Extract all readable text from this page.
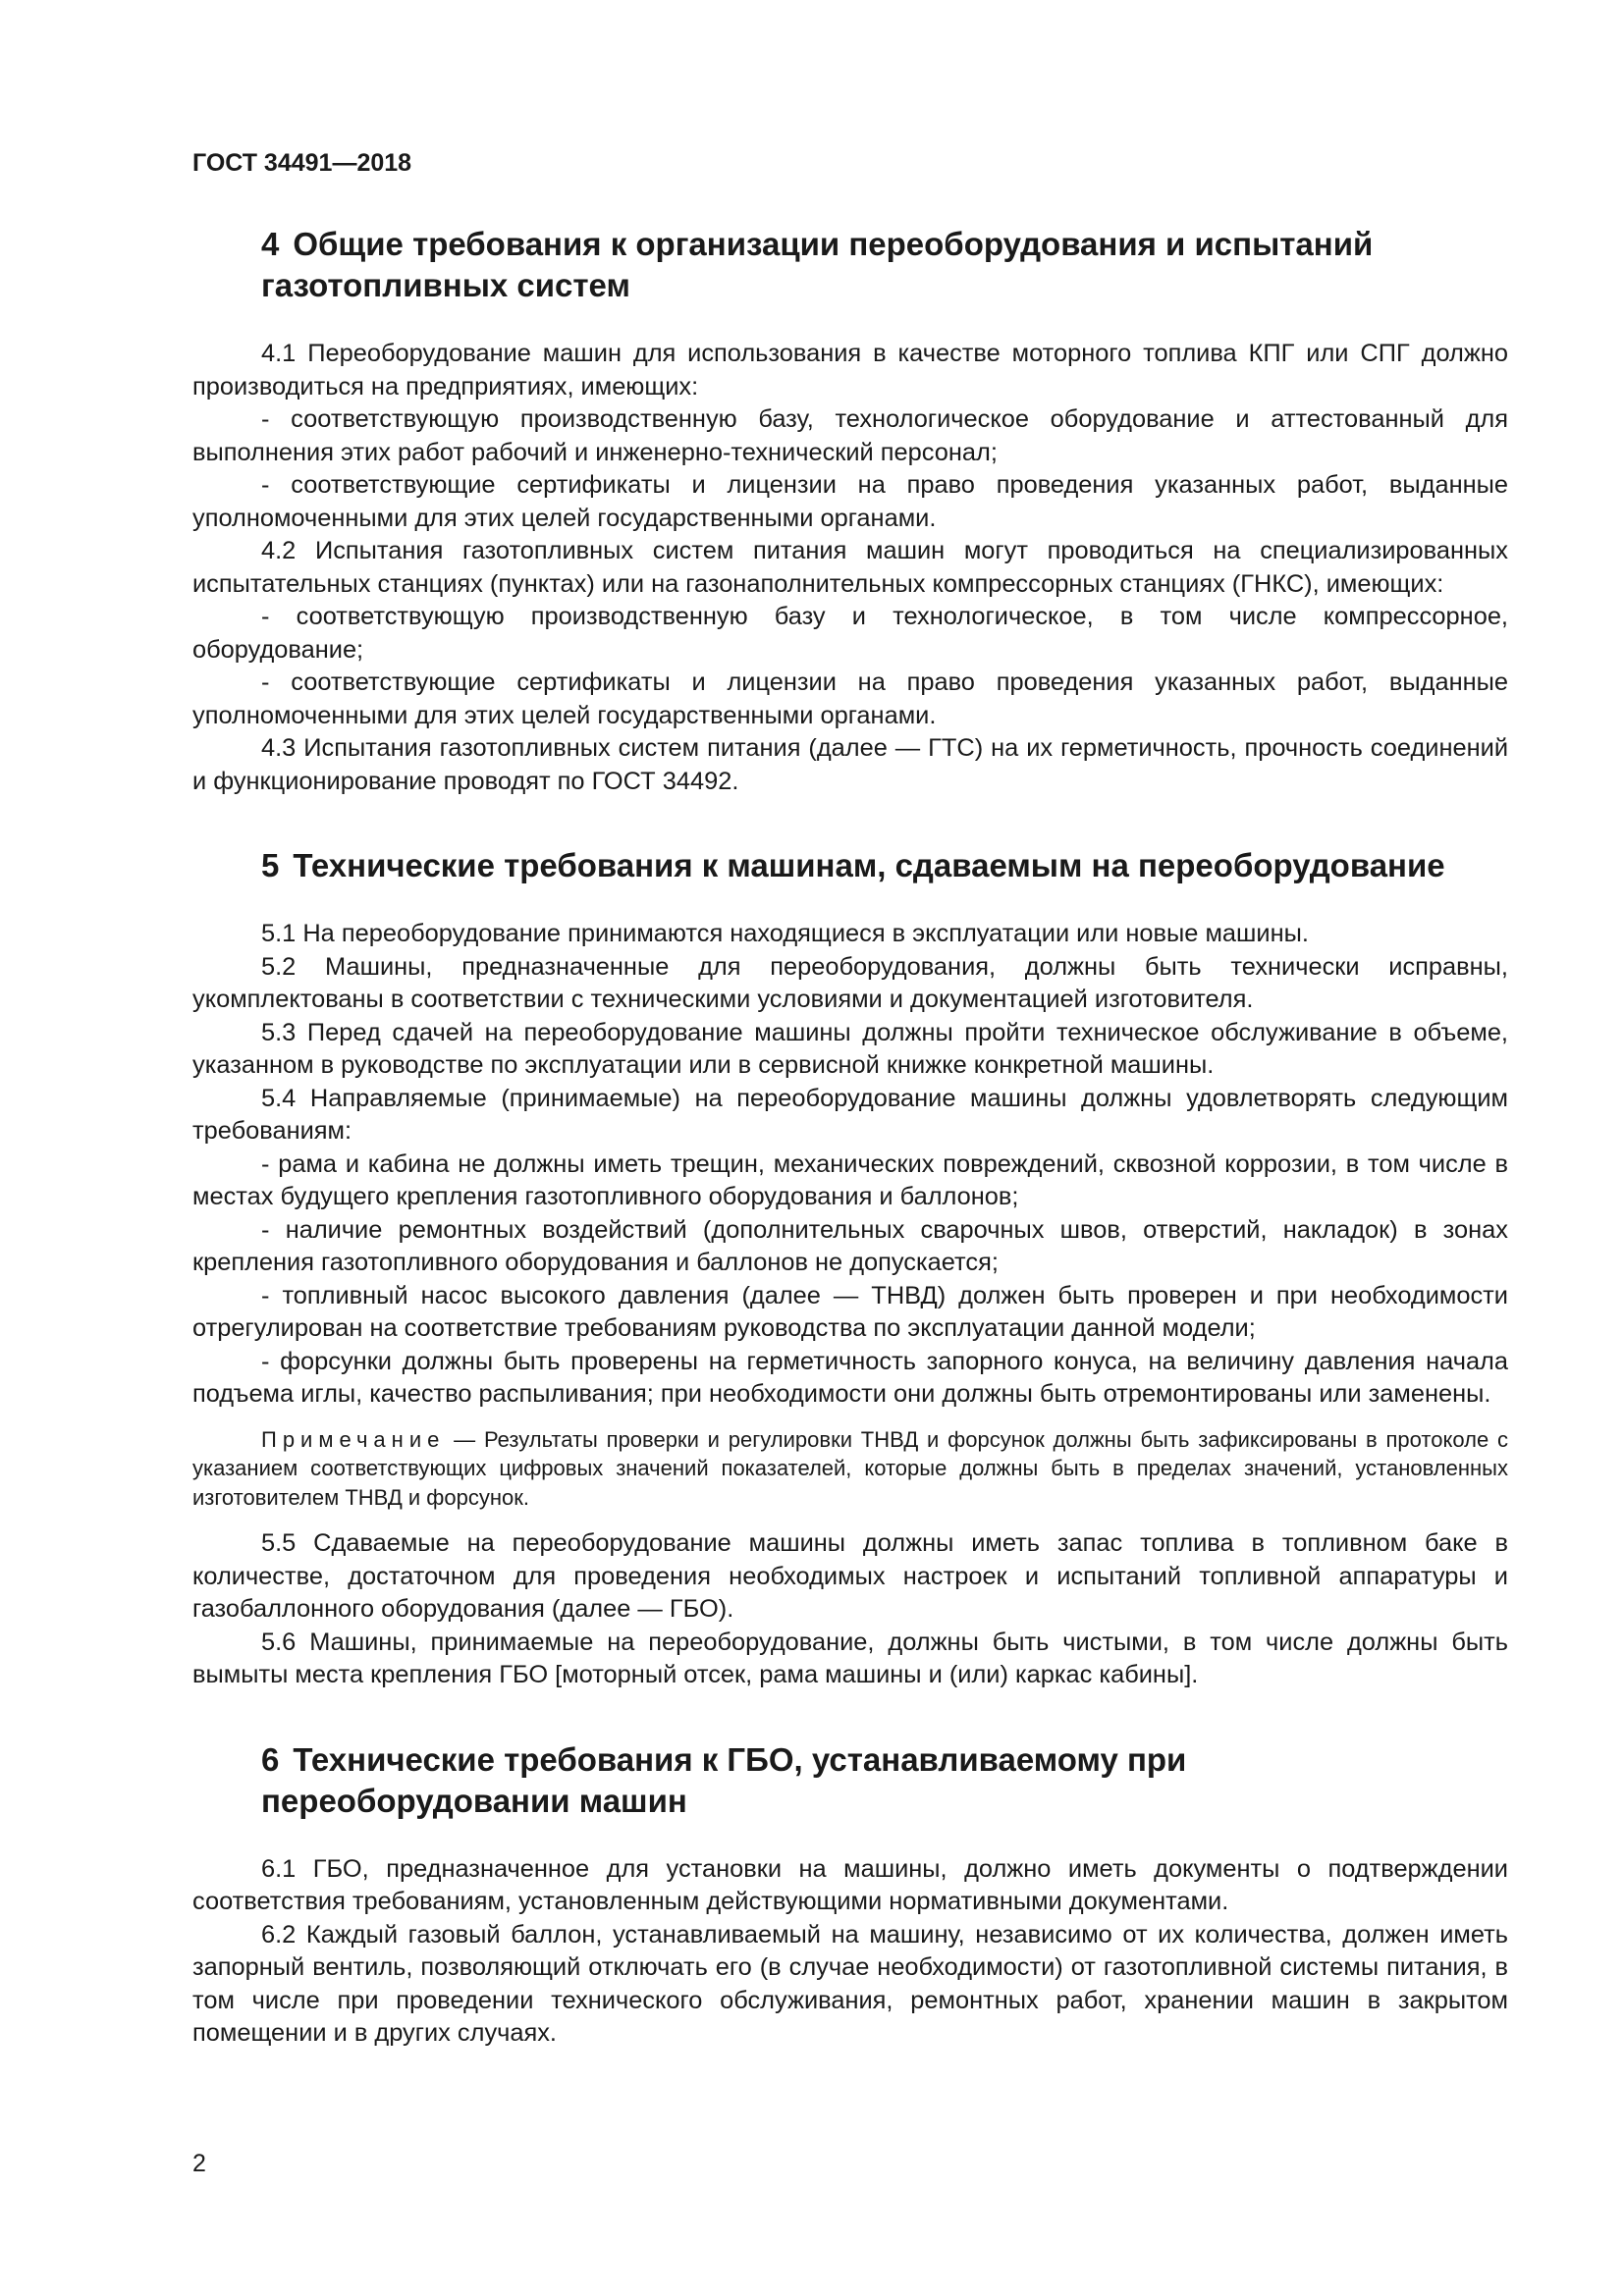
ГОСТ 34491—2018
4 Общие требования к организации переоборудования и испытаний газотопливных систем

4.1 Переоборудование машин для использования в качестве моторного топлива КПГ или СПГ должно производиться на предприятиях, имеющих:

- соответствующую производственную базу, технологическое оборудование и аттестованный для выполнения этих работ рабочий и инженерно-технический персонал;

- соответствующие сертификаты и лицензии на право проведения указанных работ, выданные уполномоченными для этих целей государственными органами.

4.2 Испытания газотопливных систем питания машин могут проводиться на специализированных испытательных станциях (пунктах) или на газонаполнительных компрессорных станциях (ГНКС), имеющих:

- соответствующую производственную базу и технологическое, в том числе компрессорное, оборудование;

- соответствующие сертификаты и лицензии на право проведения указанных работ, выданные уполномоченными для этих целей государственными органами.

4.3 Испытания газотопливных систем питания (далее — ГТС) на их герметичность, прочность соединений и функционирование проводят по ГОСТ 34492.

5 Технические требования к машинам, сдаваемым на переоборудование

5.1 На переоборудование принимаются находящиеся в эксплуатации или новые машины.

5.2 Машины, предназначенные для переоборудования, должны быть технически исправны, укомплектованы в соответствии с техническими условиями и документацией изготовителя.

5.3 Перед сдачей на переоборудование машины должны пройти техническое обслуживание в объеме, указанном в руководстве по эксплуатации или в сервисной книжке конкретной машины.

5.4 Направляемые (принимаемые) на переоборудование машины должны удовлетворять следующим требованиям:

- рама и кабина не должны иметь трещин, механических повреждений, сквозной коррозии, в том числе в местах будущего крепления газотопливного оборудования и баллонов;

- наличие ремонтных воздействий (дополнительных сварочных швов, отверстий, накладок) в зонах крепления газотопливного оборудования и баллонов не допускается;

- топливный насос высокого давления (далее — ТНВД) должен быть проверен и при необходимости отрегулирован на соответствие требованиям руководства по эксплуатации данной модели;

- форсунки должны быть проверены на герметичность запорного конуса, на величину давления начала подъема иглы, качество распыливания; при необходимости они должны быть отремонтированы или заменены.

Примечание — Результаты проверки и регулировки ТНВД и форсунок должны быть зафиксированы в протоколе с указанием соответствующих цифровых значений показателей, которые должны быть в пределах значений, установленных изготовителем ТНВД и форсунок.

5.5 Сдаваемые на переоборудование машины должны иметь запас топлива в топливном баке в количестве, достаточном для проведения необходимых настроек и испытаний топливной аппаратуры и газобаллонного оборудования (далее — ГБО).

5.6 Машины, принимаемые на переоборудование, должны быть чистыми, в том числе должны быть вымыты места крепления ГБО [моторный отсек, рама машины и (или) каркас кабины].

6 Технические требования к ГБО, устанавливаемому при переоборудовании машин

6.1 ГБО, предназначенное для установки на машины, должно иметь документы о подтверждении соответствия требованиям, установленным действующими нормативными документами.

6.2 Каждый газовый баллон, устанавливаемый на машину, независимо от их количества, должен иметь запорный вентиль, позволяющий отключать его (в случае необходимости) от газотопливной системы питания, в том числе при проведении технического обслуживания, ремонтных работ, хранении машин в закрытом помещении и в других случаях.

2
